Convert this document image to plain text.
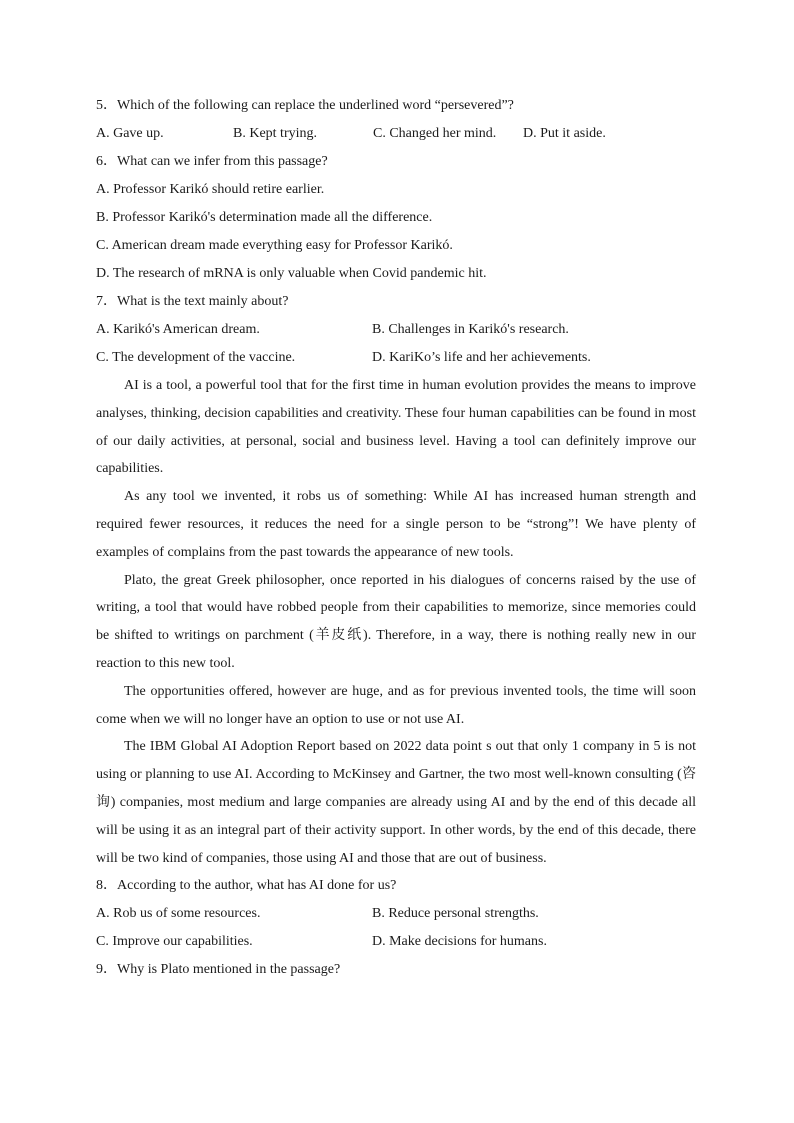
5．Which of the following can replace the underlined word “persevered”?
A. Gave up.	B. Kept trying.	C. Changed her mind.	D. Put it aside.
6．What can we infer from this passage?
A. Professor Karikó should retire earlier.
B. Professor Karikó's determination made all the difference.
C. American dream made everything easy for Professor Karikó.
D. The research of mRNA is only valuable when Covid pandemic hit.
7．What is the text mainly about?
A. Karikó's American dream.	B. Challenges in Karikó's research.
C. The development of the vaccine.	D. KariKo’s life and her achievements.
AI is a tool, a powerful tool that for the first time in human evolution provides the means to improve analyses, thinking, decision capabilities and creativity. These four human capabilities can be found in most of our daily activities, at personal, social and business level. Having a tool can definitely improve our capabilities.
As any tool we invented, it robs us of something: While AI has increased human strength and required fewer resources, it reduces the need for a single person to be “strong”! We have plenty of examples of complains from the past towards the appearance of new tools.
Plato, the great Greek philosopher, once reported in his dialogues of concerns raised by the use of writing, a tool that would have robbed people from their capabilities to memorize, since memories could be shifted to writings on parchment (羊皮纸). Therefore, in a way, there is nothing really new in our reaction to this new tool.
The opportunities offered, however are huge, and as for previous invented tools, the time will soon come when we will no longer have an option to use or not use AI.
The IBM Global AI Adoption Report based on 2022 data point s out that only 1 company in 5 is not using or planning to use AI. According to McKinsey and Gartner, the two most well-known consulting (咨询) companies, most medium and large companies are already using AI and by the end of this decade all will be using it as an integral part of their activity support. In other words, by the end of this decade, there will be two kind of companies, those using AI and those that are out of business.
8．According to the author, what has AI done for us?
A. Rob us of some resources.	B. Reduce personal strengths.
C. Improve our capabilities.	D. Make decisions for humans.
9．Why is Plato mentioned in the passage?
